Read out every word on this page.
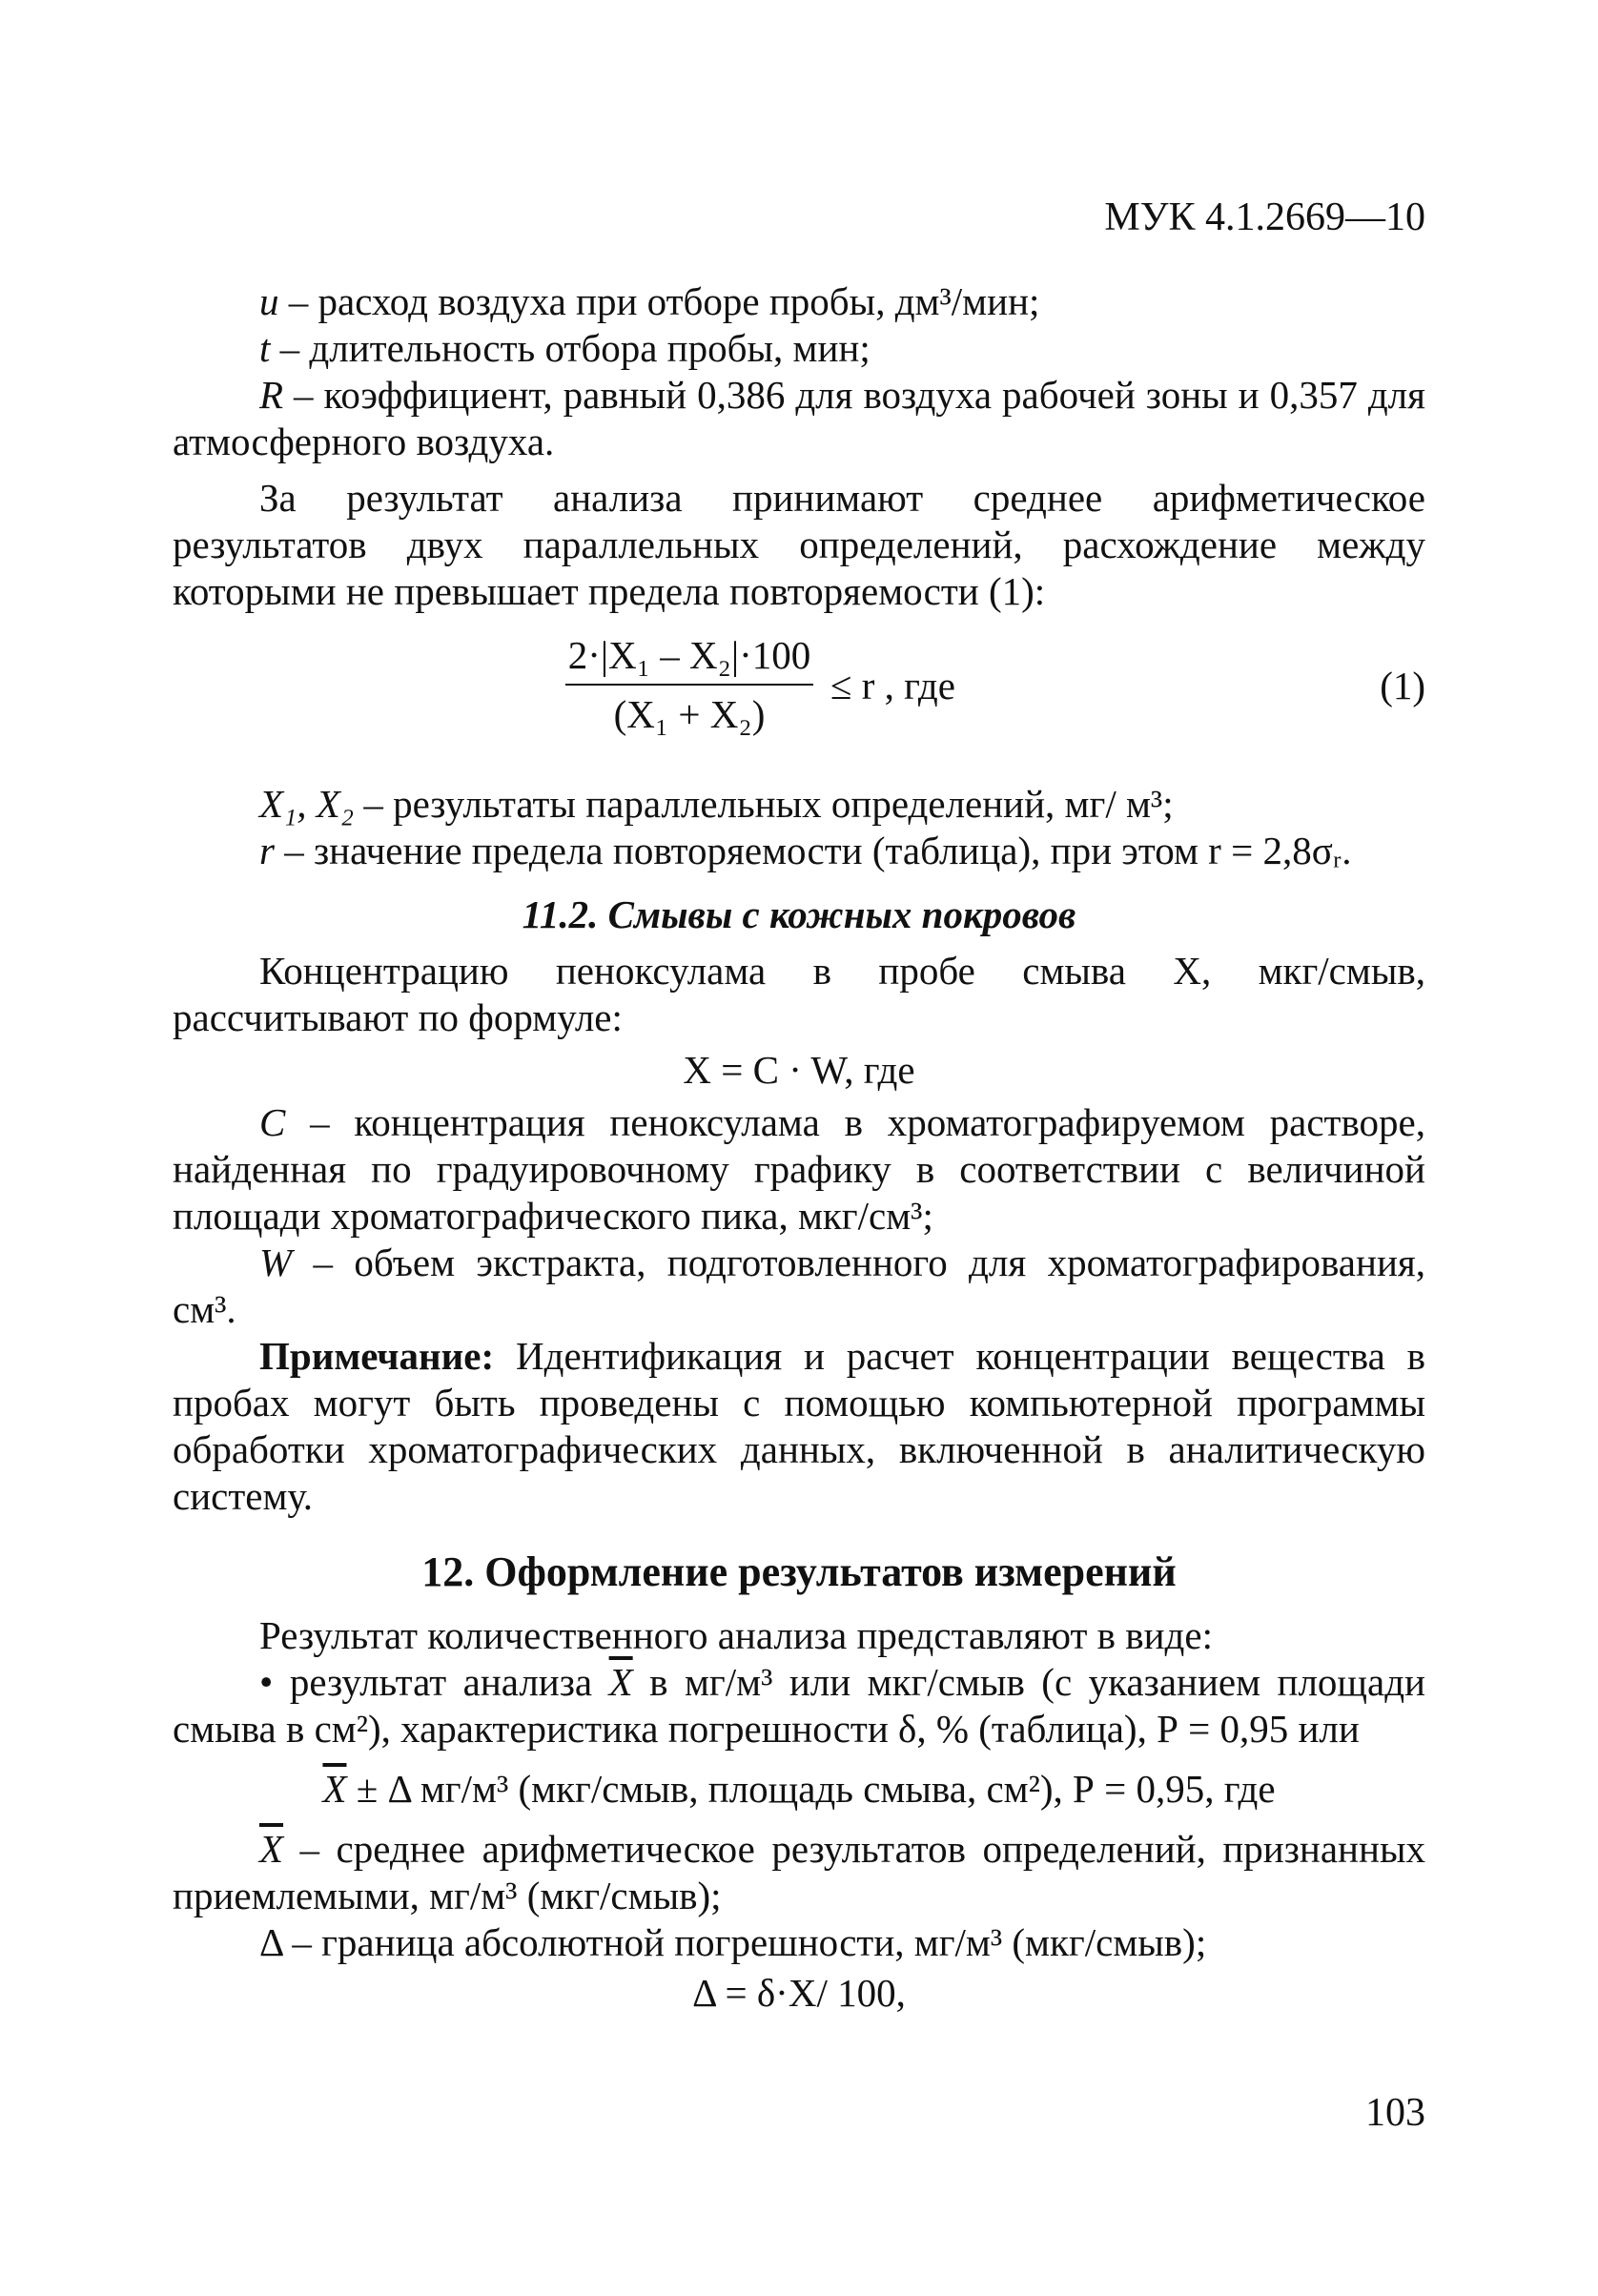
МУК 4.1.2669—10

u – расход воздуха при отборе пробы, дм³/мин;

t – длительность отбора пробы, мин;

R – коэффициент, равный 0,386 для воздуха рабочей зоны и 0,357 для атмосферного воздуха.

За результат анализа принимают среднее арифметическое результатов двух параллельных определений, расхождение между которыми не превышает предела повторяемости (1):

$\frac{\text{2·|X₁ – X₂|·100}}{\text{(X₁ + X₂)}} \le r$ , где	(1)

X₁, X₂ – результаты параллельных определений, мг/ м³;

r – значение предела повторяемости (таблица), при этом r = 2,8σᵣ.

11.2. Смывы с кожных покровов

Концентрацию пеноксулама в пробе смыва X, мкг/смыв, рассчитывают по формуле:

X = C · W, где

C – концентрация пеноксулама в хроматографируемом растворе, найденная по градуировочному графику в соответствии с величиной площади хроматографического пика, мкг/см³;

W – объем экстракта, подготовленного для хроматографирования, см³.

Примечание: Идентификация и расчет концентрации вещества в пробах могут быть проведены с помощью компьютерной программы обработки хроматографических данных, включенной в аналитическую систему.

12. Оформление результатов измерений

Результат количественного анализа представляют в виде:

• результат анализа $\overline{X}$ в мг/м³ или мкг/смыв (с указанием площади смыва в см²), характеристика погрешности δ, % (таблица), Р = 0,95 или

$\overline{X} \pm \Delta$ мг/м³ (мкг/смыв, площадь смыва, см²), Р = 0,95, где

$\overline{X}$ – среднее арифметическое результатов определений, признанных приемлемыми, мг/м³ (мкг/смыв);

Δ – граница абсолютной погрешности, мг/м³ (мкг/смыв);

Δ = δ·X/ 100,

103
